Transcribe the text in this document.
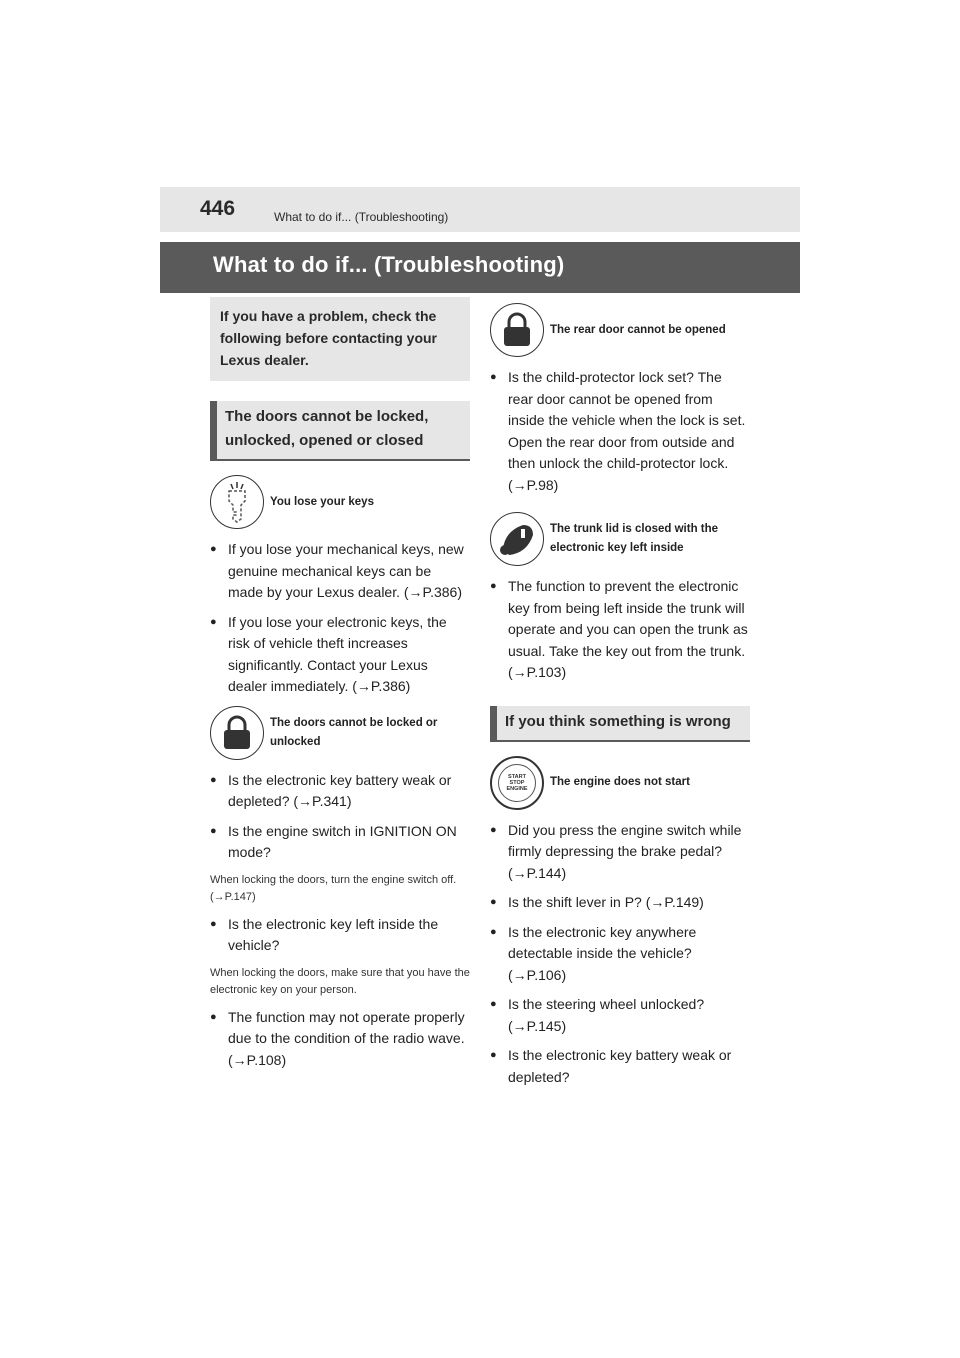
446	What to do if... (Troubleshooting)
What to do if... (Troubleshooting)
If you have a problem, check the following before contacting your Lexus dealer.
The doors cannot be locked, unlocked, opened or closed
You lose your keys
● If you lose your mechanical keys, new genuine mechanical keys can be made by your Lexus dealer. (→P.386)
● If you lose your electronic keys, the risk of vehicle theft increases significantly. Contact your Lexus dealer immediately. (→P.386)
The doors cannot be locked or unlocked
● Is the electronic key battery weak or depleted? (→P.341)
● Is the engine switch in IGNITION ON mode?
When locking the doors, turn the engine switch off. (→P.147)
● Is the electronic key left inside the vehicle?
When locking the doors, make sure that you have the electronic key on your person.
● The function may not operate properly due to the condition of the radio wave. (→P.108)
The rear door cannot be opened
● Is the child-protector lock set? The rear door cannot be opened from inside the vehicle when the lock is set. Open the rear door from outside and then unlock the child-protector lock. (→P.98)
The trunk lid is closed with the electronic key left inside
● The function to prevent the electronic key from being left inside the trunk will operate and you can open the trunk as usual. Take the key out from the trunk. (→P.103)
If you think something is wrong
START
STOP
ENGINE
The engine does not start
● Did you press the engine switch while firmly depressing the brake pedal? (→P.144)
● Is the shift lever in P? (→P.149)
● Is the electronic key anywhere detectable inside the vehicle? (→P.106)
● Is the steering wheel unlocked? (→P.145)
● Is the electronic key battery weak or depleted?
